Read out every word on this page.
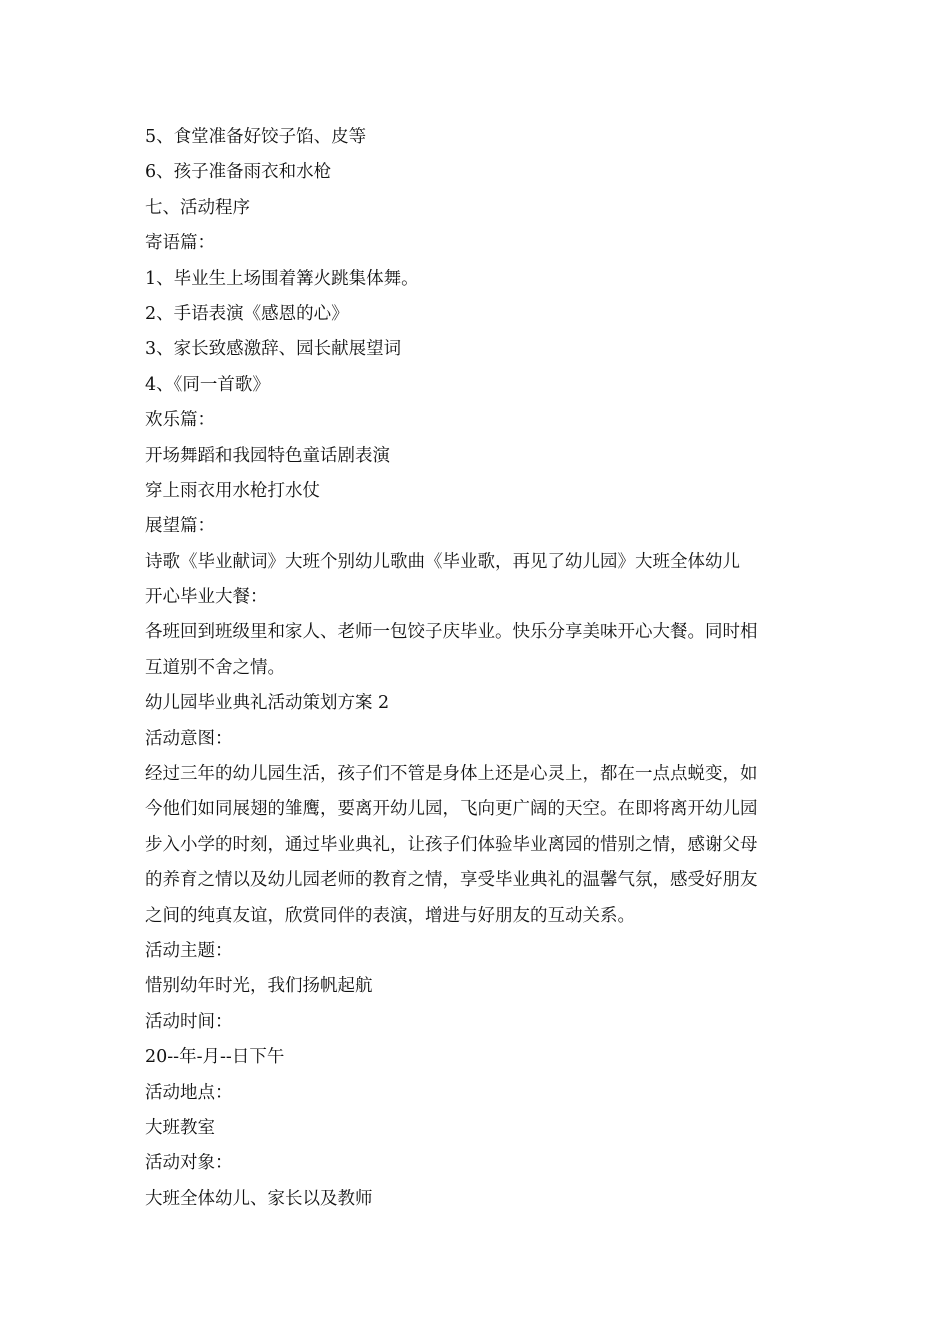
5、食堂准备好饺子馅、皮等

6、孩子准备雨衣和水枪

七、活动程序

寄语篇：

1、毕业生上场围着篝火跳集体舞。

2、手语表演《感恩的心》

3、家长致感激辞、园长献展望词

4、《同一首歌》

欢乐篇：

开场舞蹈和我园特色童话剧表演

穿上雨衣用水枪打水仗

展望篇：

诗歌《毕业献词》大班个别幼儿歌曲《毕业歌，再见了幼儿园》大班全体幼儿

开心毕业大餐：

各班回到班级里和家人、老师一包饺子庆毕业。快乐分享美味开心大餐。同时相

互道别不舍之情。

幼儿园毕业典礼活动策划方案 2

活动意图：

经过三年的幼儿园生活，孩子们不管是身体上还是心灵上，都在一点点蜕变，如

今他们如同展翅的雏鹰，要离开幼儿园，飞向更广阔的天空。在即将离开幼儿园

步入小学的时刻，通过毕业典礼，让孩子们体验毕业离园的惜别之情，感谢父母

的养育之情以及幼儿园老师的教育之情，享受毕业典礼的温馨气氛，感受好朋友

之间的纯真友谊，欣赏同伴的表演，增进与好朋友的互动关系。

活动主题：

惜别幼年时光，我们扬帆起航

活动时间：

20--年-月--日下午

活动地点：

大班教室

活动对象：

大班全体幼儿、家长以及教师
